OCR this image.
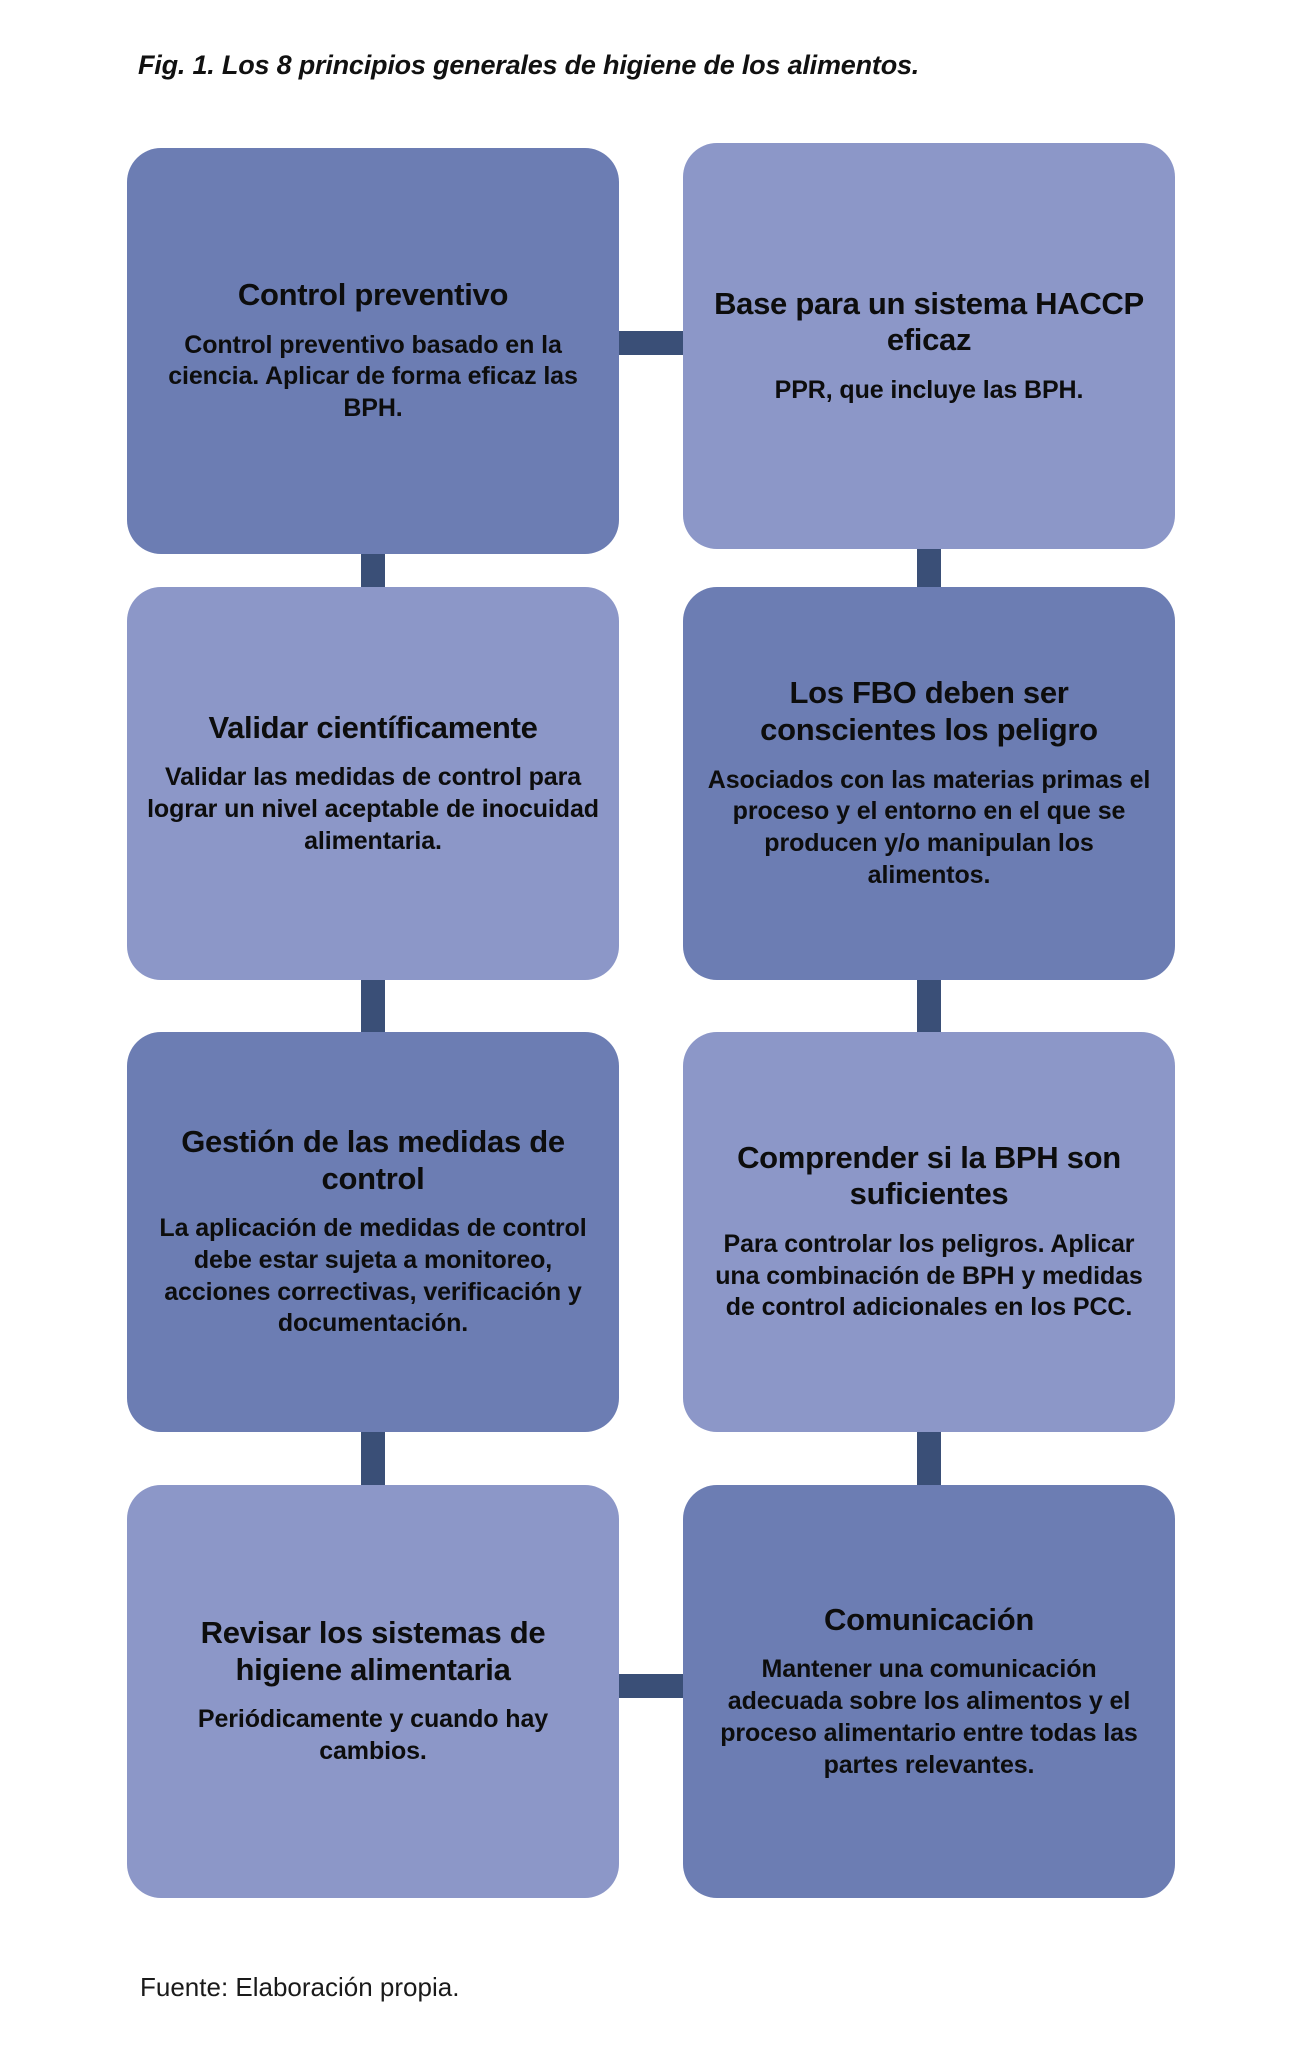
Fig. 1. Los 8 principios generales de higiene de los alimentos.
Control preventivo
Control preventivo basado en la ciencia. Aplicar de forma eficaz las BPH.
Base para un sistema HACCP eficaz
PPR, que incluye las BPH.
Validar científicamente
Validar las medidas de control para lograr un nivel aceptable de inocuidad alimentaria.
Los FBO deben ser conscientes los peligro
Asociados con las materias primas el proceso y el entorno en el que se producen y/o manipulan los alimentos.
Gestión de las medidas de control
La aplicación de medidas de control debe estar sujeta a monitoreo, acciones correctivas, verificación y documentación.
Comprender si la BPH son suficientes
Para controlar los peligros. Aplicar una combinación de BPH y medidas de control adicionales en los PCC.
Revisar los sistemas de higiene alimentaria
Periódicamente y cuando hay cambios.
Comunicación
Mantener una comunicación adecuada sobre los alimentos y el proceso alimentario entre todas las partes relevantes.
Fuente: Elaboración propia.
